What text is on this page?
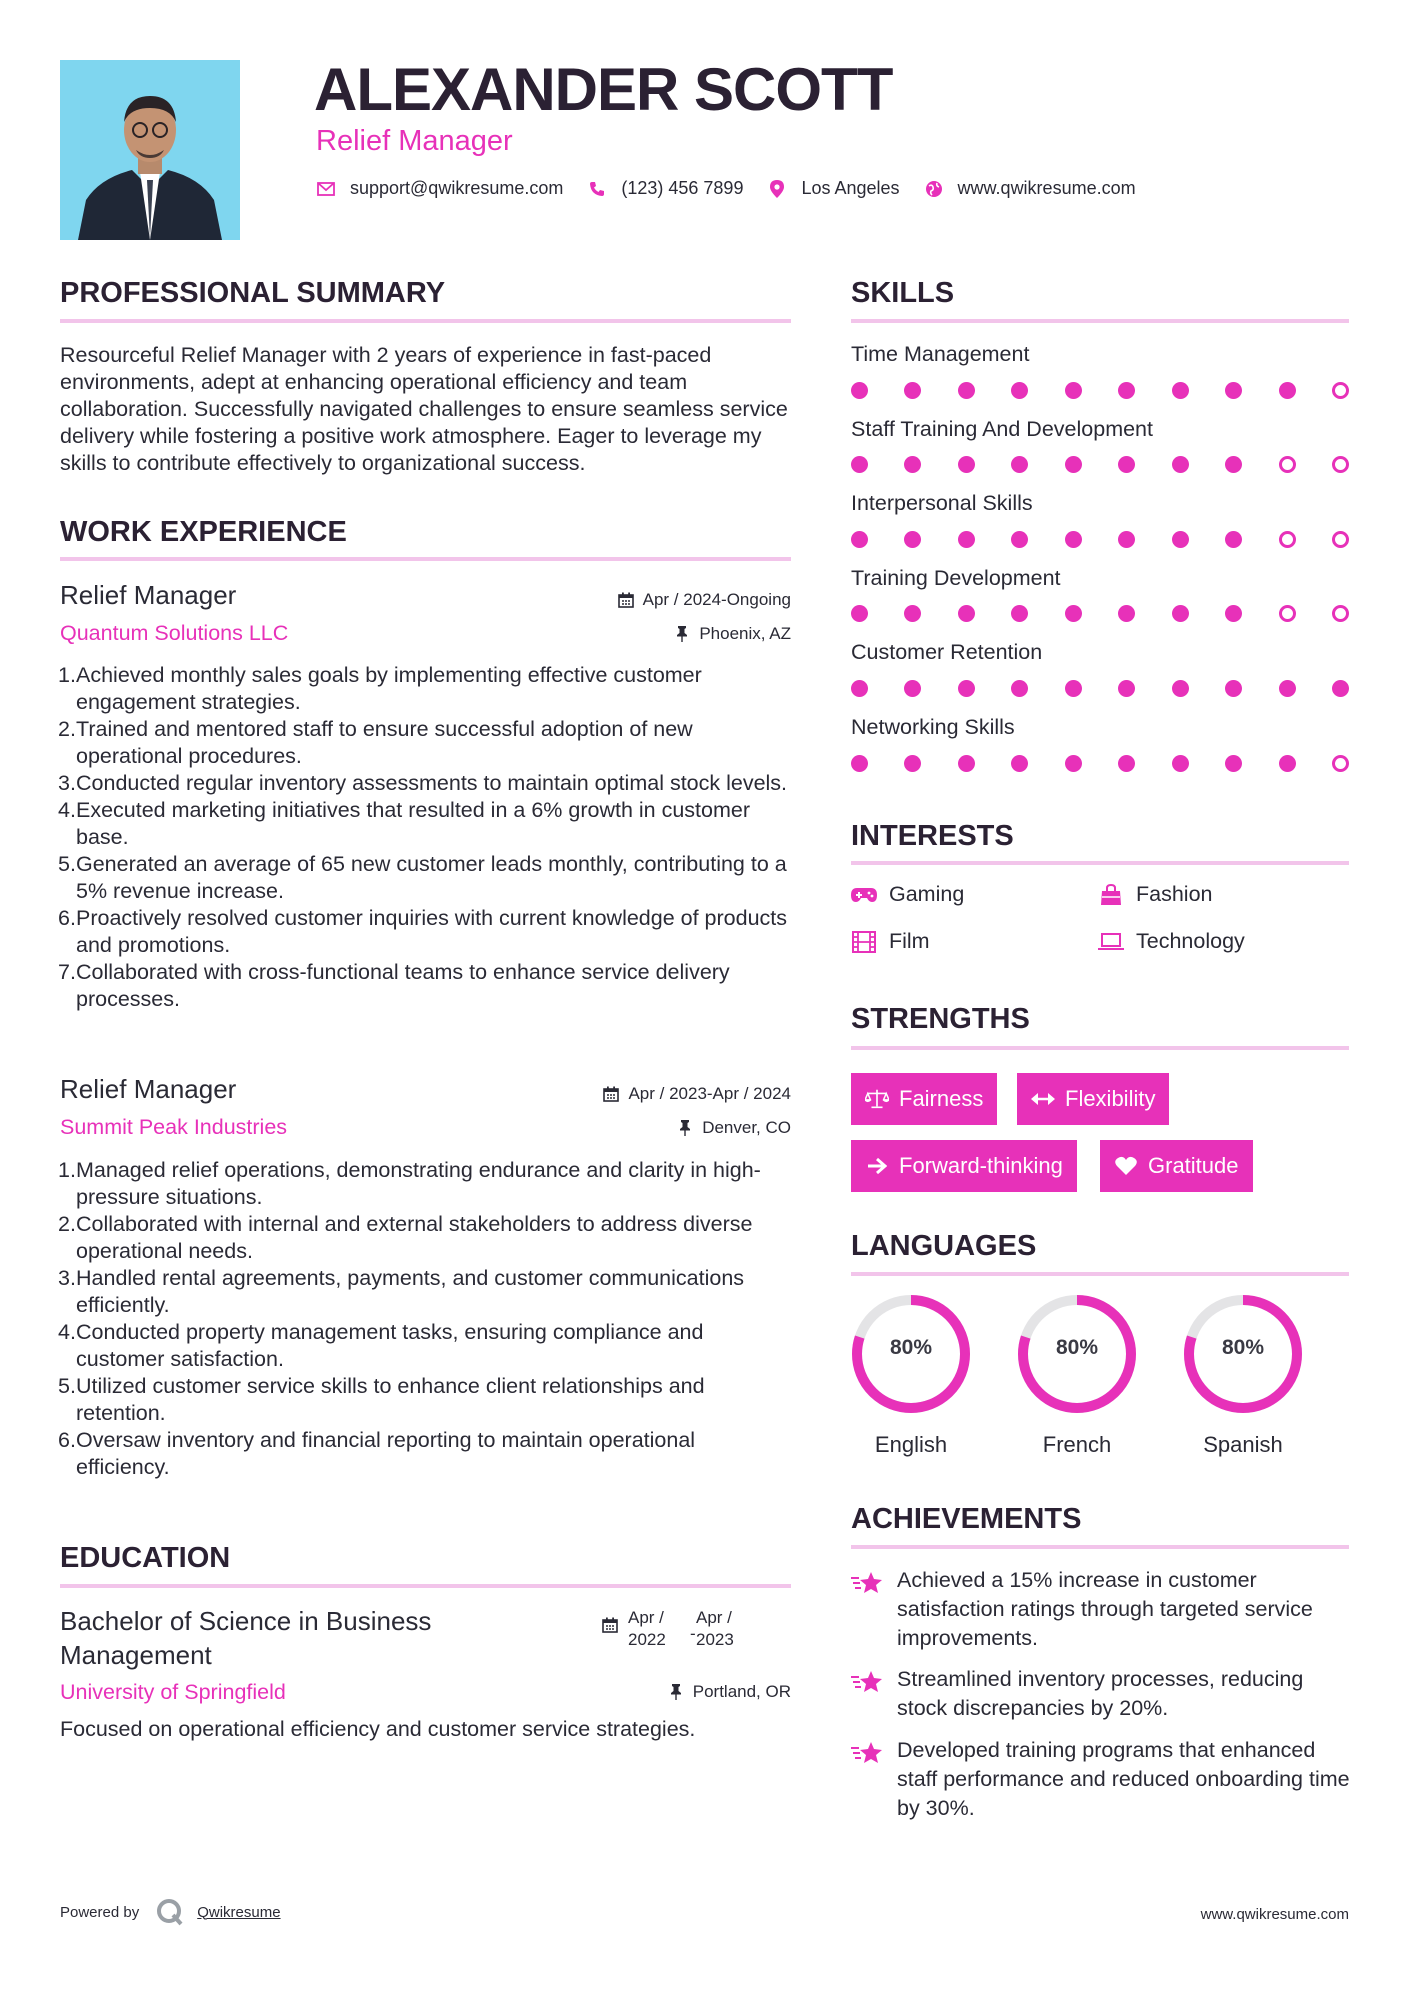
ALEXANDER SCOTT
Relief Manager
support@qwikresume.com	(123) 456 7899	Los Angeles	www.qwikresume.com
PROFESSIONAL SUMMARY
Resourceful Relief Manager with 2 years of experience in fast-paced environments, adept at enhancing operational efficiency and team collaboration. Successfully navigated challenges to ensure seamless service delivery while fostering a positive work atmosphere. Eager to leverage my skills to contribute effectively to organizational success.
WORK EXPERIENCE
Relief Manager	Apr / 2024-Ongoing
Quantum Solutions LLC	Phoenix, AZ
1. Achieved monthly sales goals by implementing effective customer engagement strategies.
2. Trained and mentored staff to ensure successful adoption of new operational procedures.
3. Conducted regular inventory assessments to maintain optimal stock levels.
4. Executed marketing initiatives that resulted in a 6% growth in customer base.
5. Generated an average of 65 new customer leads monthly, contributing to a 5% revenue increase.
6. Proactively resolved customer inquiries with current knowledge of products and promotions.
7. Collaborated with cross-functional teams to enhance service delivery processes.
Relief Manager	Apr / 2023-Apr / 2024
Summit Peak Industries	Denver, CO
1. Managed relief operations, demonstrating endurance and clarity in high-pressure situations.
2. Collaborated with internal and external stakeholders to address diverse operational needs.
3. Handled rental agreements, payments, and customer communications efficiently.
4. Conducted property management tasks, ensuring compliance and customer satisfaction.
5. Utilized customer service skills to enhance client relationships and retention.
6. Oversaw inventory and financial reporting to maintain operational efficiency.
EDUCATION
Bachelor of Science in Business Management
Apr / 2022	-
Apr / 2023
University of Springfield	Portland, OR
Focused on operational efficiency and customer service strategies.
SKILLS
Time Management
Staff Training And Development
Interpersonal Skills
Training Development
Customer Retention
Networking Skills
INTERESTS
Gaming	Fashion
Film	Technology
STRENGTHS
Fairness	Flexibility
Forward-thinking	Gratitude
LANGUAGES
80%
English
80%
French
80%
Spanish
ACHIEVEMENTS
Achieved a 15% increase in customer satisfaction ratings through targeted service improvements.
Streamlined inventory processes, reducing stock discrepancies by 20%.
Developed training programs that enhanced staff performance and reduced onboarding time by 30%.
Powered by	Qwikresume	www.qwikresume.com
